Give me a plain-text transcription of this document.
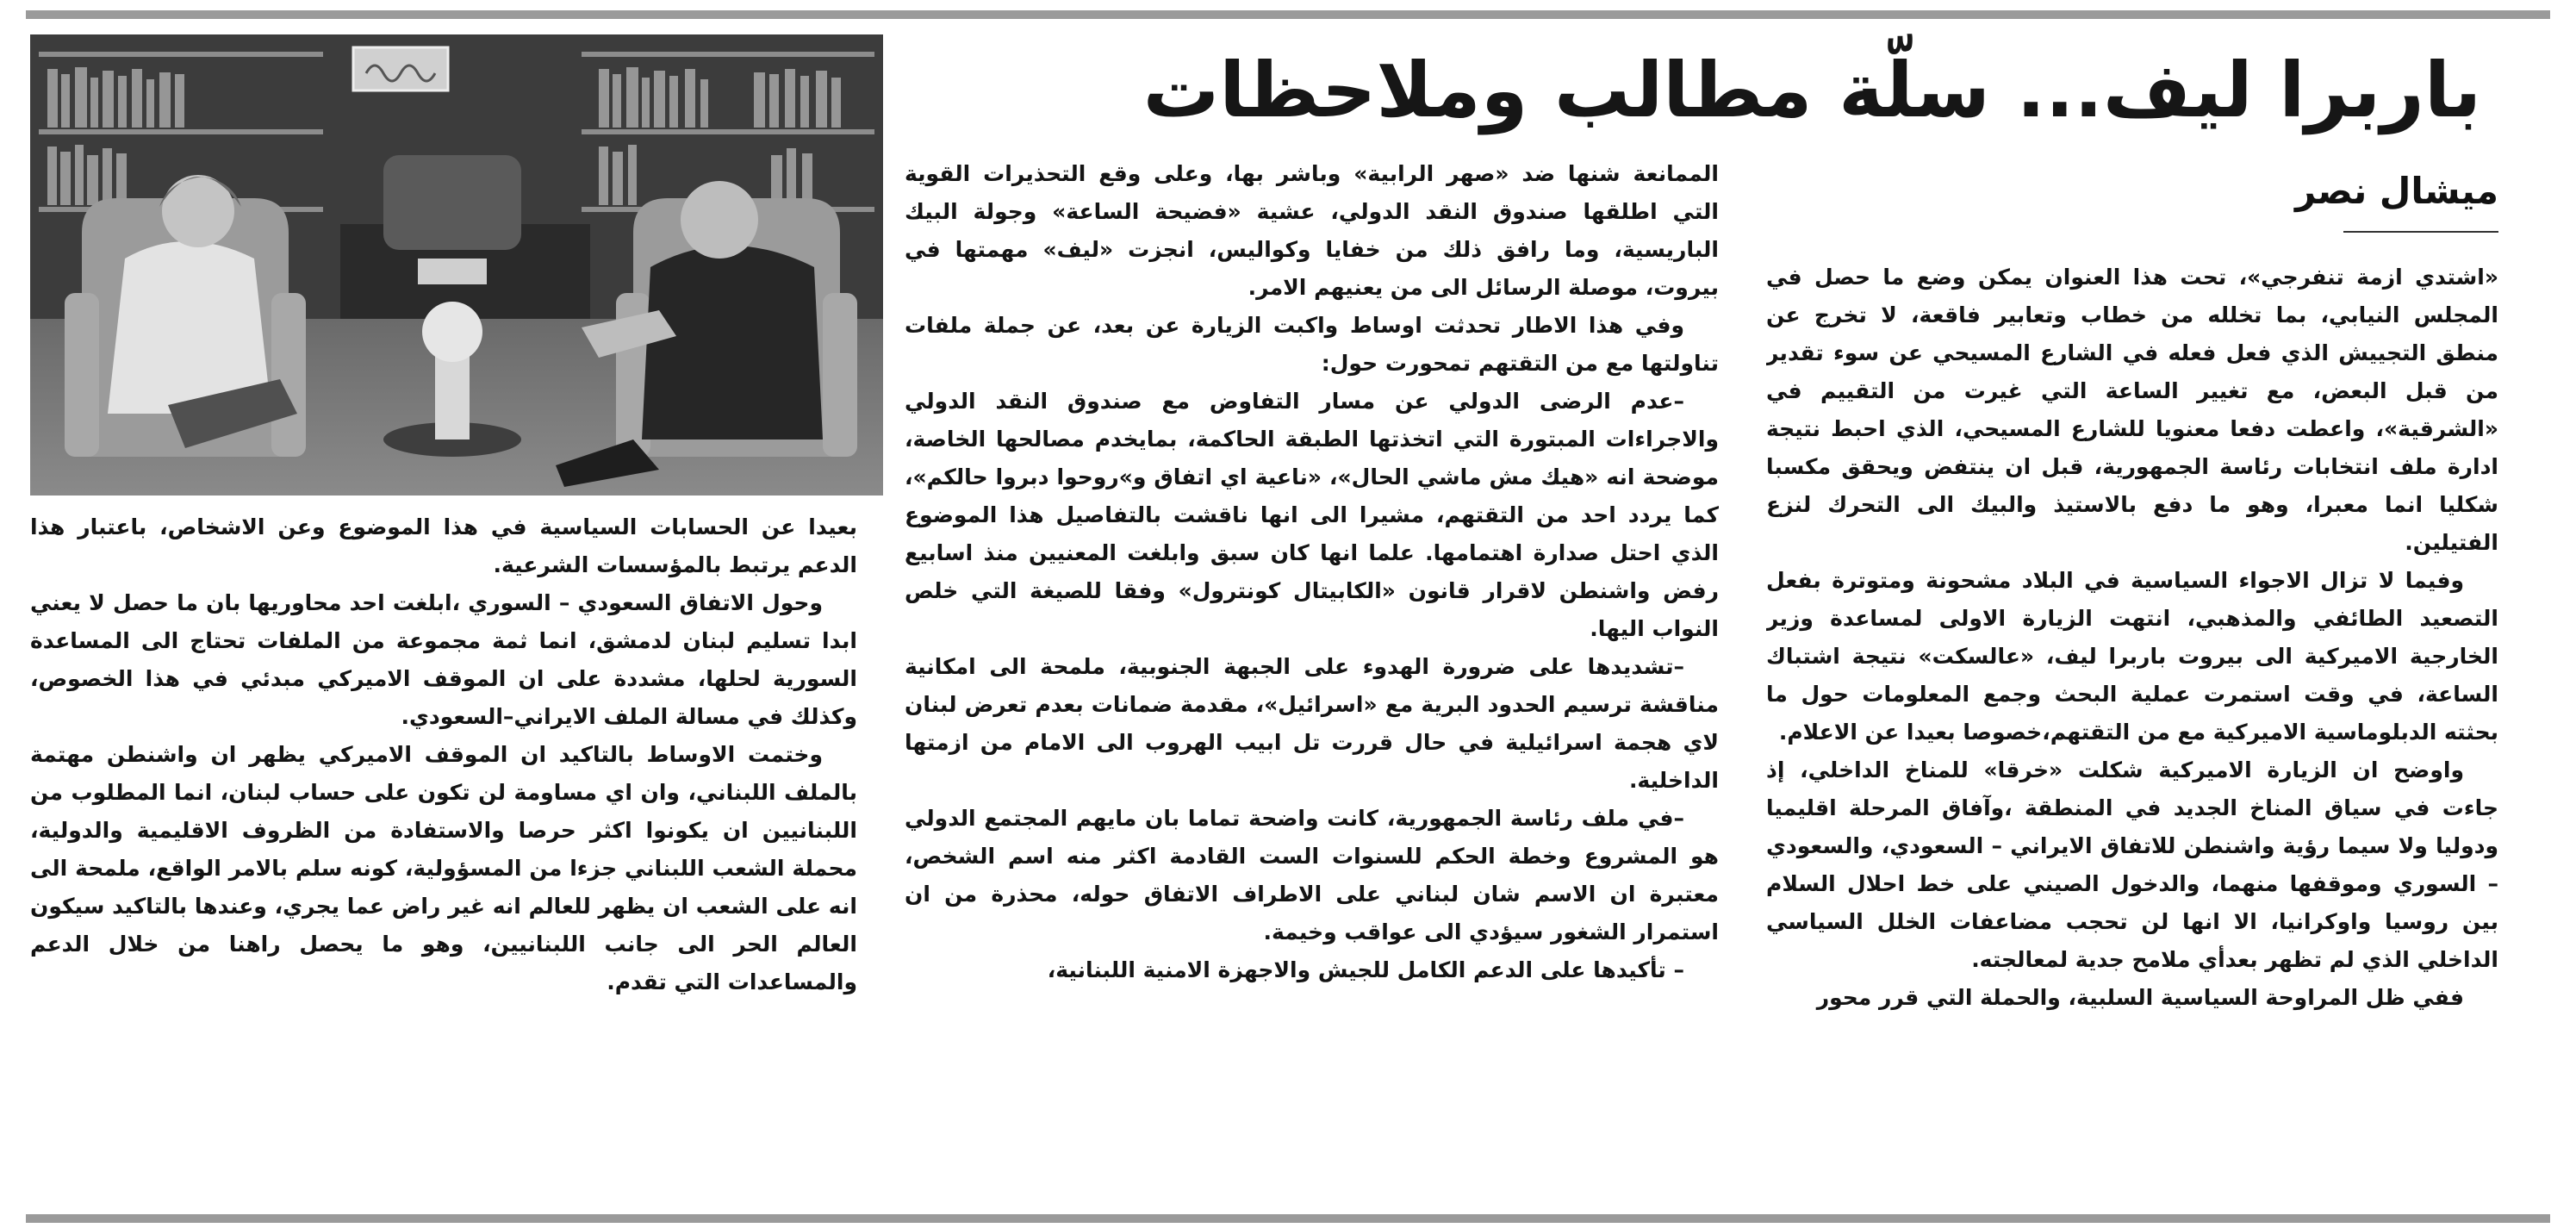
باربرا ليف... سلّة مطالب وملاحظات
ميشال نصر

«اشتدي ازمة تنفرجي»، تحت هذا العنوان يمكن وضع ما حصل في المجلس النيابي، بما تخلله من خطاب وتعابير فاقعة، لا تخرج عن منطق التجييش الذي فعل فعله في الشارع المسيحي عن سوء تقدير من قبل البعض، مع تغيير الساعة التي غيرت من التقييم في «الشرقية»، واعطت دفعا معنويا للشارع المسيحي، الذي احبط نتيجة ادارة ملف انتخابات رئاسة الجمهورية، قبل ان ينتفض ويحقق مكسبا شكليا انما معبرا، وهو ما دفع بالاستيذ والبيك الى التحرك لنزع الفتيلين.

وفيما لا تزال الاجواء السياسية في البلاد مشحونة ومتوترة بفعل التصعيد الطائفي والمذهبي، انتهت الزيارة الاولى لمساعدة وزير الخارجية الاميركية الى بيروت باربرا ليف، «عالسكت» نتيجة اشتباك الساعة، في وقت استمرت عملية البحث وجمع المعلومات حول ما بحثته الدبلوماسية الاميركية مع من التقتهم،خصوصا بعيدا عن الاعلام.

واوضح ان الزيارة الاميركية شكلت «خرقا» للمناخ الداخلي، إذ جاءت في سياق المناخ الجديد في المنطقة ،وآفاق المرحلة اقليميا ودوليا ولا سيما رؤية واشنطن للاتفاق الايراني – السعودي، والسعودي – السوري وموقفها منهما، والدخول الصيني على خط احلال السلام بين روسيا واوكرانيا، الا انها لن تحجب مضاعفات الخلل السياسي الداخلي الذي لم تظهر بعدأي ملامح جدية لمعالجته.

ففي ظل المراوحة السياسية السلبية، والحملة التي قرر محور

الممانعة شنها ضد «صهر الرابية» وباشر بها، وعلى وقع التحذيرات القوية التي اطلقها صندوق النقد الدولي، عشية «فضيحة الساعة» وجولة البيك الباريسية، وما رافق ذلك من خفايا وكواليس، انجزت «ليف» مهمتها في بيروت، موصلة الرسائل الى من يعنيهم الامر.

وفي هذا الاطار تحدثت اوساط واكبت الزيارة عن بعد، عن جملة ملفات تناولتها مع من التقتهم تمحورت حول:

–عدم الرضى الدولي عن مسار التفاوض مع صندوق النقد الدولي والاجراءات المبتورة التي اتخذتها الطبقة الحاكمة، بمايخدم مصالحها الخاصة، موضحة انه «هيك مش ماشي الحال»، «ناعية اي اتفاق و»روحوا دبروا حالكم»، كما يردد احد من التقتهم، مشيرا الى انها ناقشت بالتفاصيل هذا الموضوع الذي احتل صدارة اهتمامها. علما انها كان سبق وابلغت المعنيين منذ اسابيع رفض واشنطن لاقرار قانون «الكابيتال كونترول» وفقا للصيغة التي خلص النواب اليها.

–تشديدها على ضرورة الهدوء على الجبهة الجنوبية، ملمحة الى امكانية مناقشة ترسيم الحدود البرية مع «اسرائيل»، مقدمة ضمانات بعدم تعرض لبنان لاي هجمة اسرائيلية في حال قررت تل ابيب الهروب الى الامام من ازمتها الداخلية.

–في ملف رئاسة الجمهورية، كانت واضحة تماما بان مايهم المجتمع الدولي هو المشروع وخطة الحكم للسنوات الست القادمة اكثر منه اسم الشخص، معتبرة ان الاسم شان لبناني على الاطراف الاتفاق حوله، محذرة من ان استمرار الشغور سيؤدي الى عواقب وخيمة.

– تأكيدها على الدعم الكامل للجيش والاجهزة الامنية اللبنانية،

بعيدا عن الحسابات السياسية في هذا الموضوع وعن الاشخاص، باعتبار هذا الدعم يرتبط بالمؤسسات الشرعية.

وحول الاتفاق السعودي – السوري ،ابلغت احد محاوريها بان ما حصل لا يعني ابدا تسليم لبنان لدمشق، انما ثمة مجموعة من الملفات تحتاج الى المساعدة السورية لحلها، مشددة على ان الموقف الاميركي مبدئي في هذا الخصوص، وكذلك في مسالة الملف الايراني–السعودي.

وختمت الاوساط بالتاكيد ان الموقف الاميركي يظهر ان واشنطن مهتمة بالملف اللبناني، وان اي مساومة لن تكون على حساب لبنان، انما المطلوب من اللبنانيين ان يكونوا اكثر حرصا والاستفادة من الظروف الاقليمية والدولية، محملة الشعب اللبناني جزءا من المسؤولية، كونه سلم بالامر الواقع، ملمحة الى انه على الشعب ان يظهر للعالم انه غير راض عما يجري، وعندها بالتاكيد سيكون العالم الحر الى جانب اللبنانيين، وهو ما يحصل راهنا من خلال الدعم والمساعدات التي تقدم.
